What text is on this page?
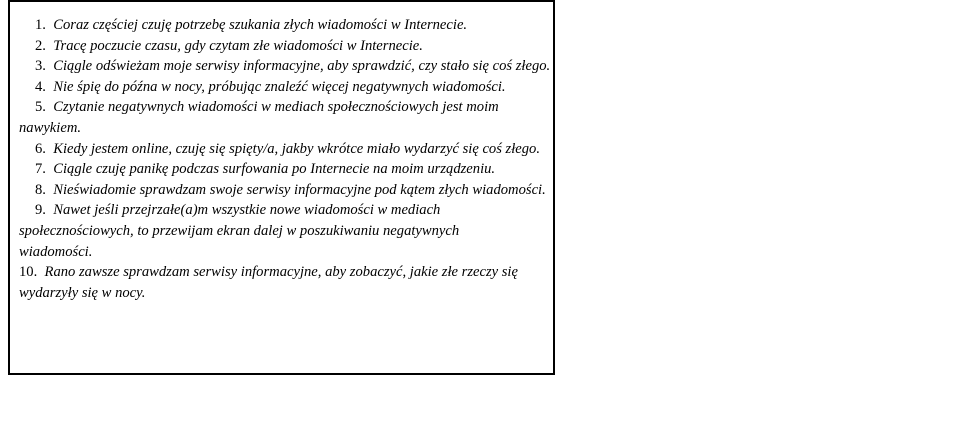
1. Coraz częściej czuję potrzebę szukania złych wiadomości w Internecie.
2. Tracę poczucie czasu, gdy czytam złe wiadomości w Internecie.
3. Ciągle odświeżam moje serwisy informacyjne, aby sprawdzić, czy stało się coś złego.
4. Nie śpię do późna w nocy, próbując znaleźć więcej negatywnych wiadomości.
5. Czytanie negatywnych wiadomości w mediach społecznościowych jest moim nawykiem.
6. Kiedy jestem online, czuję się spięty/a, jakby wkrótce miało wydarzyć się coś złego.
7. Ciągle czuję panikę podczas surfowania po Internecie na moim urządzeniu.
8. Nieświadomie sprawdzam swoje serwisy informacyjne pod kątem złych wiadomości.
9. Nawet jeśli przejrzałe(a)m wszystkie nowe wiadomości w mediach społecznościowych, to przewijam ekran dalej w poszukiwaniu negatywnych wiadomości.
10. Rano zawsze sprawdzam serwisy informacyjne, aby zobaczyć, jakie złe rzeczy się wydarzyły się w nocy.
